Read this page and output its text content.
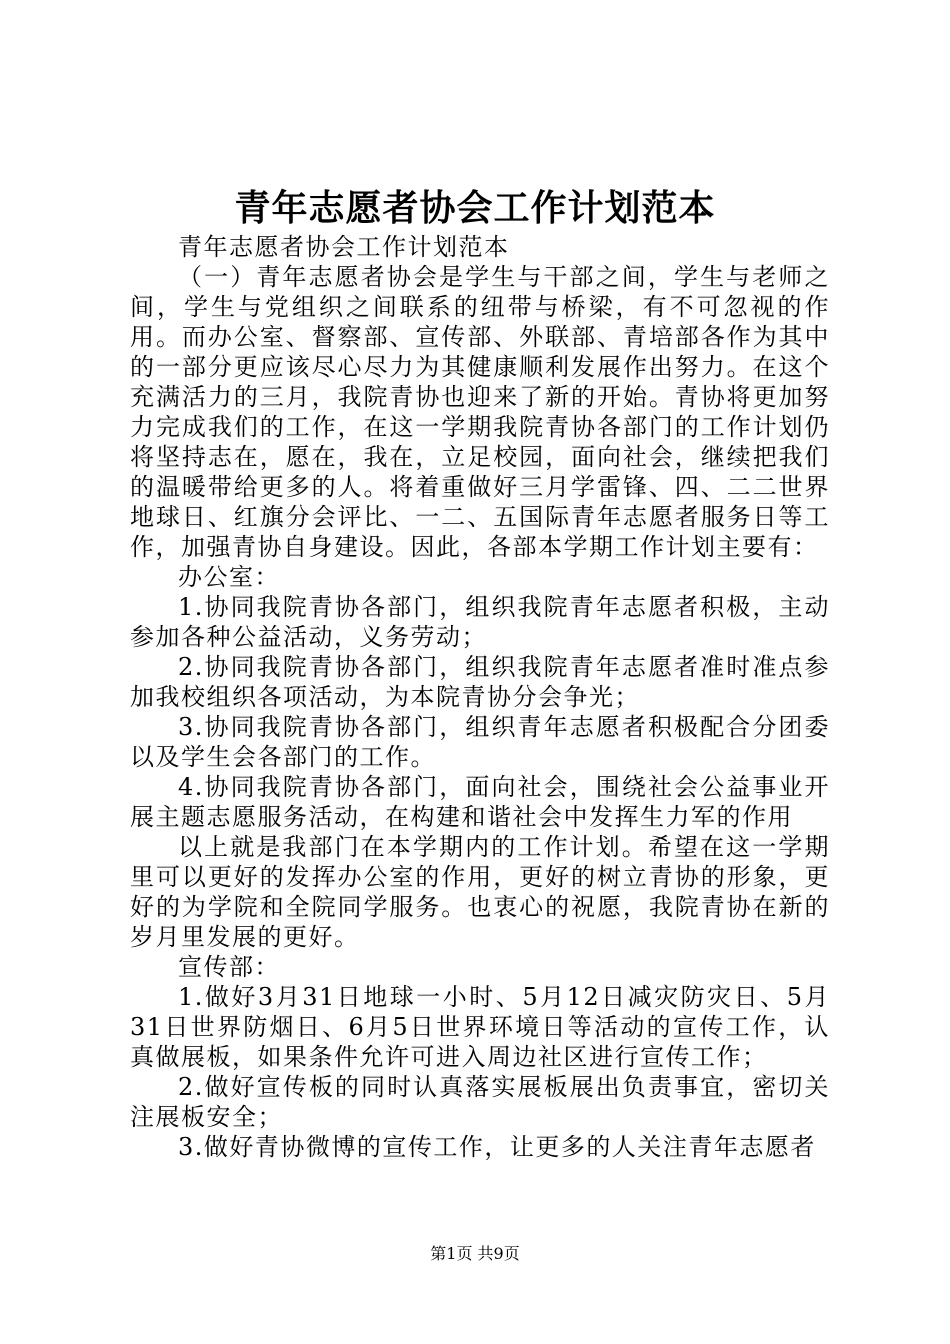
青年志愿者协会工作计划范本

青年志愿者协会工作计划范本

（一）青年志愿者协会是学生与干部之间，学生与老师之间，学生与党组织之间联系的纽带与桥梁，有不可忽视的作用。而办公室、督察部、宣传部、外联部、青培部各作为其中的一部分更应该尽心尽力为其健康顺利发展作出努力。在这个充满活力的三月，我院青协也迎来了新的开始。青协将更加努力完成我们的工作，在这一学期我院青协各部门的工作计划仍将坚持志在，愿在，我在，立足校园，面向社会，继续把我们的温暖带给更多的人。将着重做好三月学雷锋、四、二二世界地球日、红旗分会评比、一二、五国际青年志愿者服务日等工作，加强青协自身建设。因此，各部本学期工作计划主要有：

办公室：

1.协同我院青协各部门，组织我院青年志愿者积极，主动参加各种公益活动，义务劳动；

2.协同我院青协各部门，组织我院青年志愿者准时准点参加我校组织各项活动，为本院青协分会争光；

3.协同我院青协各部门，组织青年志愿者积极配合分团委以及学生会各部门的工作。

4.协同我院青协各部门，面向社会，围绕社会公益事业开展主题志愿服务活动，在构建和谐社会中发挥生力军的作用

以上就是我部门在本学期内的工作计划。希望在这一学期里可以更好的发挥办公室的作用，更好的树立青协的形象，更好的为学院和全院同学服务。也衷心的祝愿，我院青协在新的岁月里发展的更好。

宣传部：

1.做好3月31日地球一小时、5月12日减灾防灾日、5月31日世界防烟日、6月5日世界环境日等活动的宣传工作，认真做展板，如果条件允许可进入周边社区进行宣传工作；

2.做好宣传板的同时认真落实展板展出负责事宜，密切关注展板安全；

3.做好青协微博的宣传工作，让更多的人关注青年志愿者

第1页 共9页
